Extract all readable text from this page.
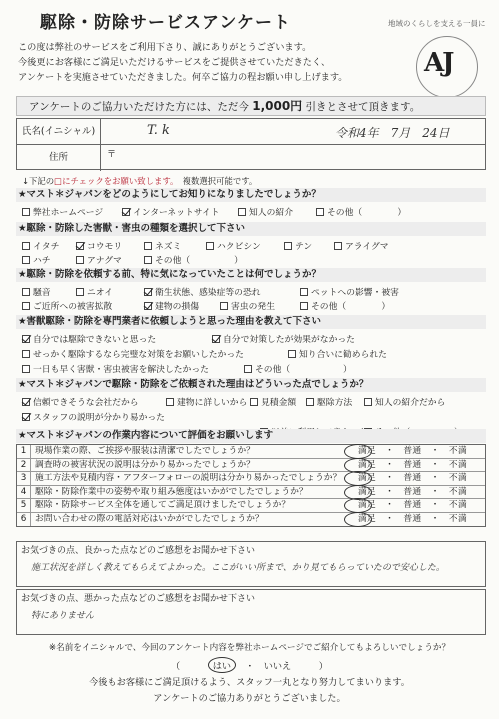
駆除・防除サービスアンケート	地域のくらしを支える一員に
AJ
この度は弊社のサービスをご利用下さり、誠にありがとうございます。
今後更にお客様にご満足いただけるサービスをご提供させていただきたく、
アンケートを実施させていただきました。何卒ご協力の程お願い申し上げます。
アンケートのご協力いただけた方には、ただ今 1,000円 引きとさせて頂きます。
氏名(イニシャル)	T. k	令和4年　7月　24日
住所	〒
↓下記の□にチェックをお願い致します。　 複数選択可能です。
★マスト＊ジャパンをどのようにしてお知りになりましたでしょうか？
弊社ホームページ	インターネットサイト	知人の紹介	その他（　　　　）
★駆除・防除した害獣・害虫の種類を選択して下さい
イタチ	コウモリ	ネズミ	ハクビシン	テン	アライグマ
ハチ	アナグマ	その他（　　　　　）
★駆除・防除を依頼する前、特に気になっていたことは何でしょうか？
騒音	ニオイ	衛生状態、感染症等の恐れ	ペットへの影響・被害
ご近所への被害拡散	建物の損傷	害虫の発生	その他（　　　　）
★害獣駆除・防除を専門業者に依頼しようと思った理由を教えて下さい
自分では駆除できないと思った	自分で対策したが効果がなかった
せっかく駆除するなら完璧な対策をお願いしたかった	知り合いに勧められた
一日も早く害獣・害虫被害を解決したかった	その他（　　　　　　）
★マスト＊ジャパンで駆除・防除をご依頼された理由はどういった点でしょうか？
信頼できそうな会社だから	建物に詳しいから	見積金額	駆除方法	知人の紹介だから
スタッフの説明が分かり易かった
★マスト＊ジャパンの作業内容について評価をお願いします
1 現場作業の際、ご挨拶や服装は清潔でしたでしょうか？	満足　・　普通　・　不満
2 調査時の被害状況の説明は分かり易かったでしょうか？	満足　・　普通　・　不満
3 施工方法や見積内容・アフターフォローの説明は分かり易かったでしょうか？ 満足　・　普通　・　不満
4 駆除・防除作業中の姿勢や取り組み態度はいかがでしたでしょうか？	満足　・　普通　・　不満
5 駆除・防除サービス全体を通してご満足頂けましたでしょうか？	満足　・　普通　・　不満
6 お問い合わせの際の電話対応はいかがでしたでしょうか？	満足　・　普通　・　不満
お気づきの点、良かった点などのご感想をお聞かせ下さい
施工状況を詳しく教えてもらえてよかった。ここがいい所まで、かり見てもらっていたので安心した。
お気づきの点、悪かった点などのご感想をお聞かせ下さい
特にありません
※名前をイニシャルで、今回のアンケート内容を弊社ホームページでご紹介してもよろしいでしょうか？
（　　　はい　・　いいえ　　　）
今後もお客様にご満足頂けるよう、スタッフ一丸となり努力してまいります。
アンケートのご協力ありがとうございました。
